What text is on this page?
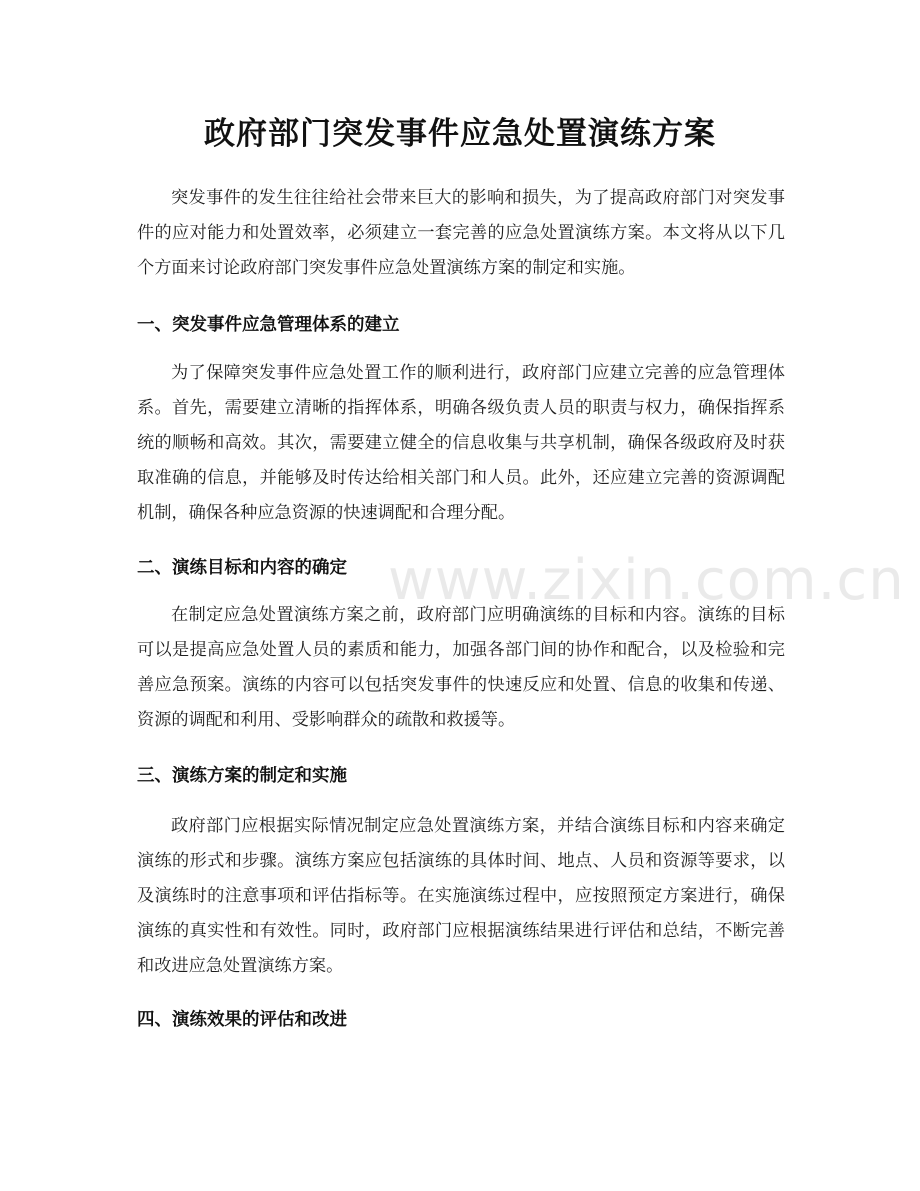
政府部门突发事件应急处置演练方案

突发事件的发生往往给社会带来巨大的影响和损失，为了提高政府部门对突发事件的应对能力和处置效率，必须建立一套完善的应急处置演练方案。本文将从以下几个方面来讨论政府部门突发事件应急处置演练方案的制定和实施。

一、突发事件应急管理体系的建立

为了保障突发事件应急处置工作的顺利进行，政府部门应建立完善的应急管理体系。首先，需要建立清晰的指挥体系，明确各级负责人员的职责与权力，确保指挥系统的顺畅和高效。其次，需要建立健全的信息收集与共享机制，确保各级政府及时获取准确的信息，并能够及时传达给相关部门和人员。此外，还应建立完善的资源调配机制，确保各种应急资源的快速调配和合理分配。

二、演练目标和内容的确定

在制定应急处置演练方案之前，政府部门应明确演练的目标和内容。演练的目标可以是提高应急处置人员的素质和能力，加强各部门间的协作和配合，以及检验和完善应急预案。演练的内容可以包括突发事件的快速反应和处置、信息的收集和传递、资源的调配和利用、受影响群众的疏散和救援等。

三、演练方案的制定和实施

政府部门应根据实际情况制定应急处置演练方案，并结合演练目标和内容来确定演练的形式和步骤。演练方案应包括演练的具体时间、地点、人员和资源等要求，以及演练时的注意事项和评估指标等。在实施演练过程中，应按照预定方案进行，确保演练的真实性和有效性。同时，政府部门应根据演练结果进行评估和总结，不断完善和改进应急处置演练方案。

四、演练效果的评估和改进
www.zixin.com.cn
